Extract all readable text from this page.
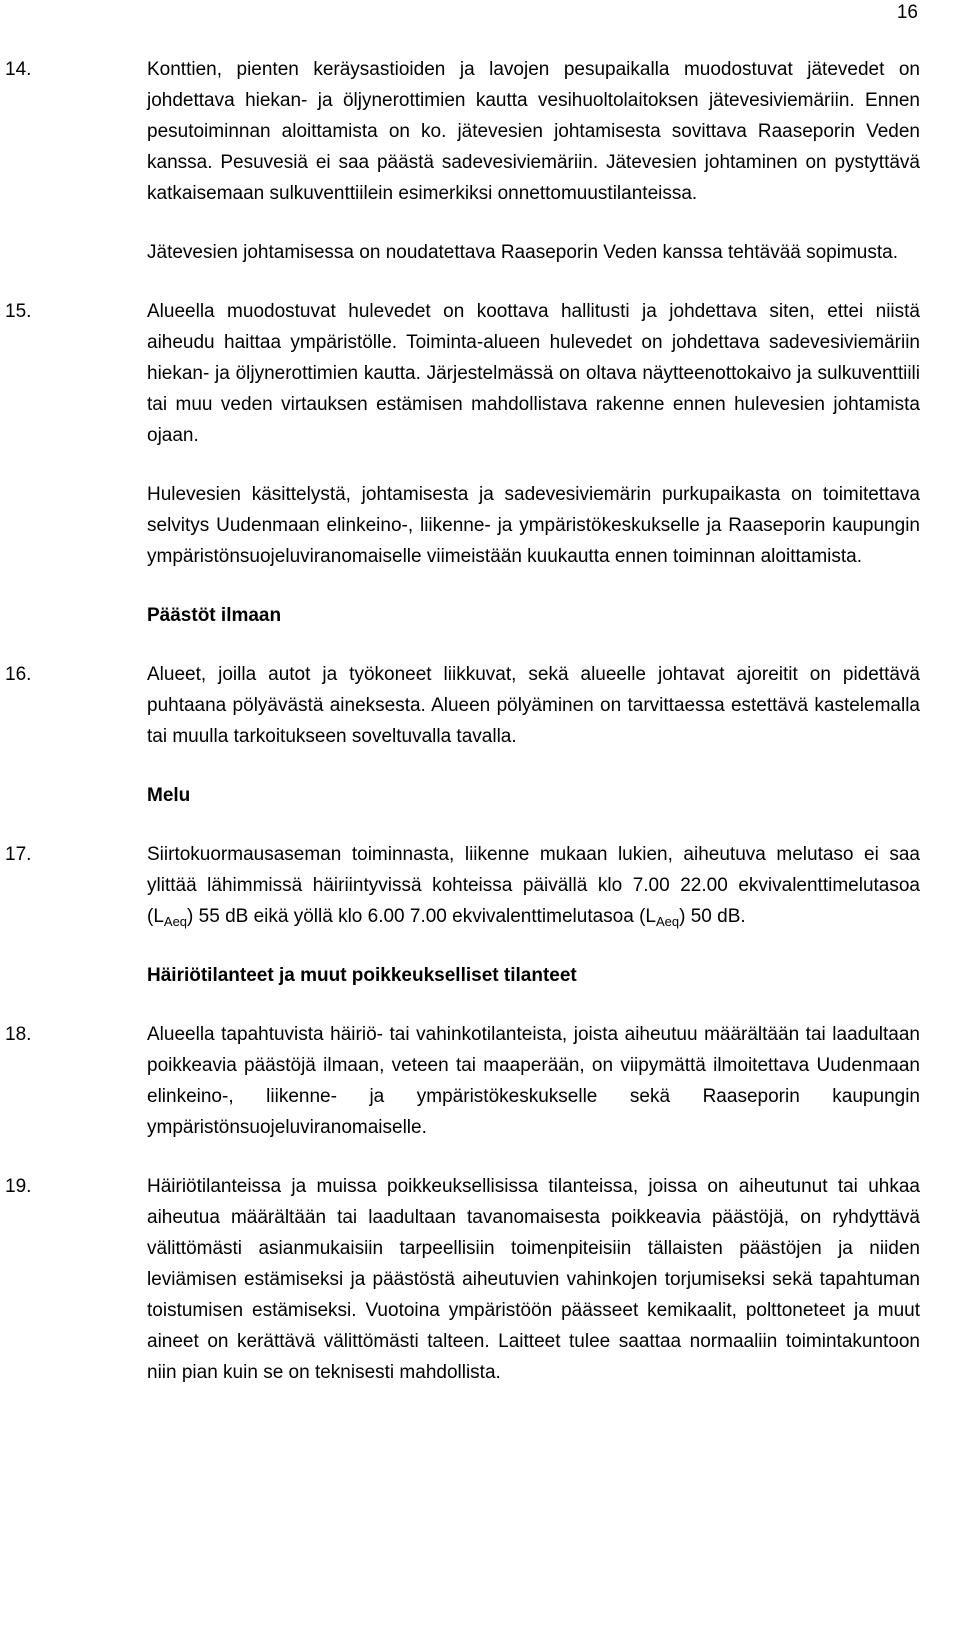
16
14.	Konttien, pienten keräysastioiden ja lavojen pesupaikalla muodostuvat jätevedet on johdettava hiekan- ja öljynerottimien kautta vesihuoltolaitoksen jätevesiviemäriin. Ennen pesutoiminnan aloittamista on ko. jätevesien johtamisesta sovittava Raaseporin Veden kanssa. Pesuvesiä ei saa päästä sadevesiviemäriin. Jätevesien johtaminen on pystyttävä katkaisemaan sulkuventtiilein esimerkiksi onnettomuustilanteissa.

Jätevesien johtamisessa on noudatettava Raaseporin Veden kanssa tehtävää sopimusta.

15.	Alueella muodostuvat hulevedet on koottava hallitusti ja johdettava siten, ettei niistä aiheudu haittaa ympäristölle. Toiminta-alueen hulevedet on johdettava sadevesiviemäriin hiekan- ja öljynerottimien kautta. Järjestelmässä on oltava näytteenottokaivo ja sulkuventtiili tai muu veden virtauksen estämisen mahdollistava rakenne ennen hulevesien johtamista ojaan.

Hulevesien käsittelystä, johtamisesta ja sadevesiviemärin purkupaikasta on toimitettava selvitys Uudenmaan elinkeino-, liikenne- ja ympäristökeskukselle ja Raaseporin kaupungin ympäristönsuojeluviranomaiselle viimeistään kuukautta ennen toiminnan aloittamista.

Päästöt ilmaan
16.	Alueet, joilla autot ja työkoneet liikkuvat, sekä alueelle johtavat ajoreitit on pidettävä puhtaana pölyävästä aineksesta. Alueen pölyäminen on tarvittaessa estettävä kastelemalla tai muulla tarkoitukseen soveltuvalla tavalla.

Melu
17.	Siirtokuormausaseman toiminnasta, liikenne mukaan lukien, aiheutuva melutaso ei saa ylittää lähimmissä häiriintyvissä kohteissa päivällä klo 7.00 22.00 ekvivalenttimelutasoa $(L_{Aeq})$ 55 dB eikä yöllä klo 6.00 7.00 ekvivalenttimelutasoa $(L_{Aeq})$ 50 dB.

Häiriötilanteet ja muut poikkeukselliset tilanteet
18.	Alueella tapahtuvista häiriö- tai vahinkotilanteista, joista aiheutuu määrältään tai laadultaan poikkeavia päästöjä ilmaan, veteen tai maaperään, on viipymättä ilmoitettava Uudenmaan elinkeino-, liikenne- ja ympäristökeskukselle sekä Raaseporin kaupungin ympäristönsuojeluviranomaiselle.

19.	Häiriötilanteissa ja muissa poikkeuksellisissa tilanteissa, joissa on aiheutunut tai uhkaa aiheutua määrältään tai laadultaan tavanomaisesta poikkeavia päästöjä, on ryhdyttävä välittömästi asianmukaisiin tarpeellisiin toimenpiteisiin tällaisten päästöjen ja niiden leviämisen estämiseksi ja päästöstä aiheutuvien vahinkojen torjumiseksi sekä tapahtuman toistumisen estämiseksi. Vuotoina ympäristöön päässeet kemikaalit, polttoneteet ja muut aineet on kerättävä välittömästi talteen. Laitteet tulee saattaa normaaliin toimintakuntoon niin pian kuin se on teknisesti mahdollista.
